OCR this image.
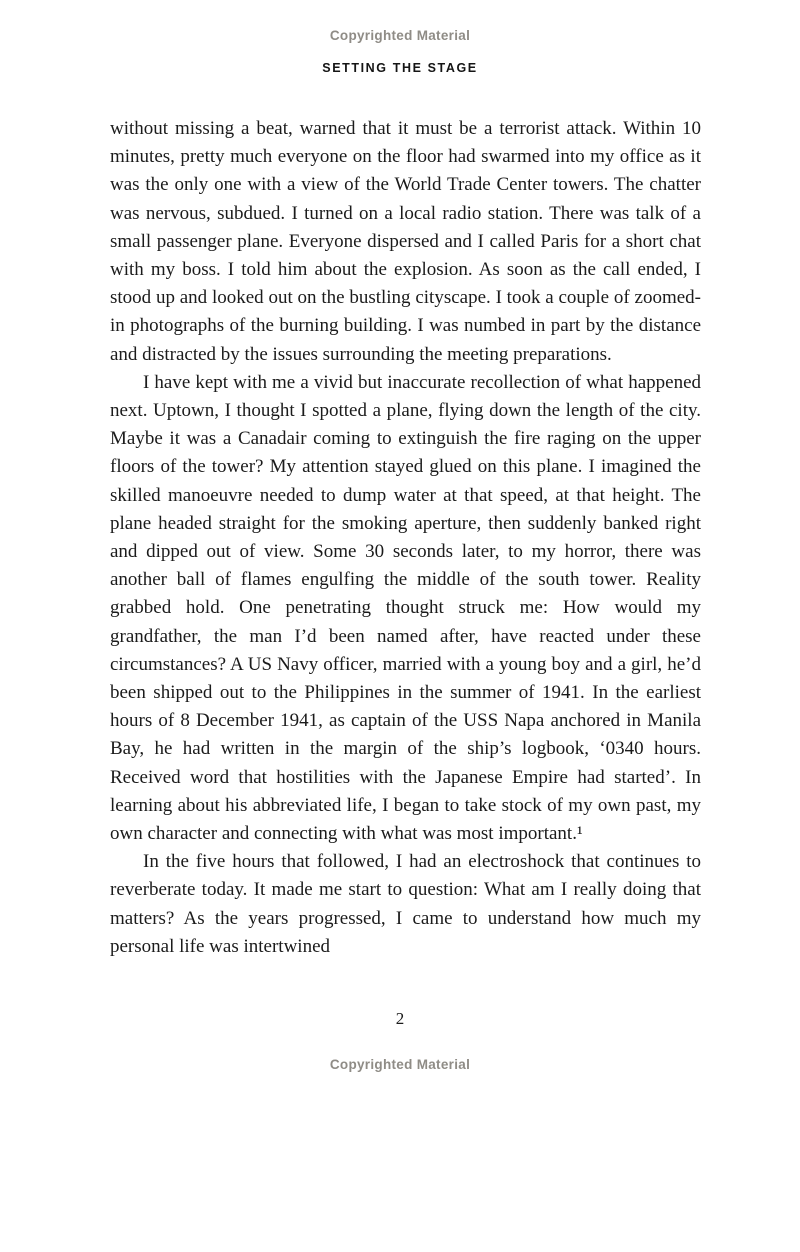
Copyrighted Material
SETTING THE STAGE

without missing a beat, warned that it must be a terrorist attack. Within 10 minutes, pretty much everyone on the floor had swarmed into my office as it was the only one with a view of the World Trade Center towers. The chatter was nervous, subdued. I turned on a local radio station. There was talk of a small passenger plane. Everyone dispersed and I called Paris for a short chat with my boss. I told him about the explosion. As soon as the call ended, I stood up and looked out on the bustling cityscape. I took a couple of zoomed-in photographs of the burning building. I was numbed in part by the distance and distracted by the issues surrounding the meeting preparations.

I have kept with me a vivid but inaccurate recollection of what happened next. Uptown, I thought I spotted a plane, flying down the length of the city. Maybe it was a Canadair coming to extinguish the fire raging on the upper floors of the tower? My attention stayed glued on this plane. I imagined the skilled manoeuvre needed to dump water at that speed, at that height. The plane headed straight for the smoking aperture, then suddenly banked right and dipped out of view. Some 30 seconds later, to my horror, there was another ball of flames engulfing the middle of the south tower. Reality grabbed hold. One penetrating thought struck me: How would my grandfather, the man I’d been named after, have reacted under these circumstances? A US Navy officer, married with a young boy and a girl, he’d been shipped out to the Philippines in the summer of 1941. In the earliest hours of 8 December 1941, as captain of the USS Napa anchored in Manila Bay, he had written in the margin of the ship’s logbook, ‘0340 hours. Received word that hostilities with the Japanese Empire had started’. In learning about his abbreviated life, I began to take stock of my own past, my own character and connecting with what was most important.¹

In the five hours that followed, I had an electroshock that continues to reverberate today. It made me start to question: What am I really doing that matters? As the years progressed, I came to understand how much my personal life was intertwined

2
Copyrighted Material
